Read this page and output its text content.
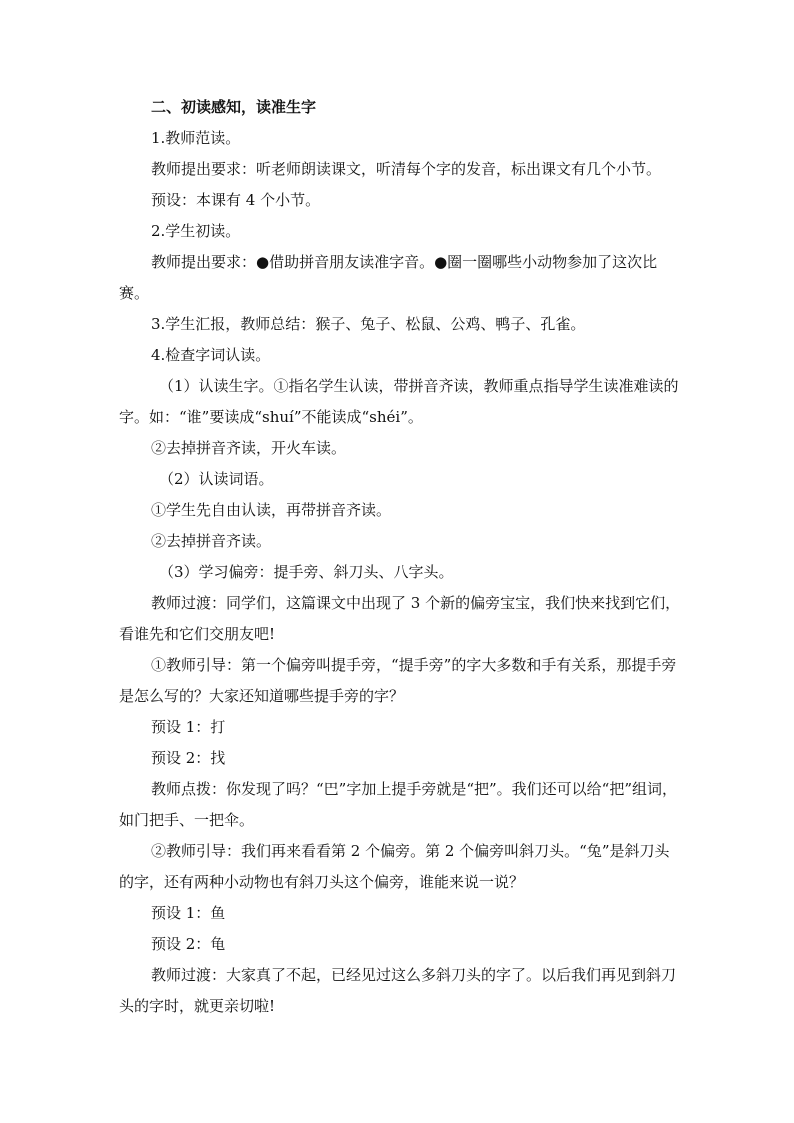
二、初读感知，读准生字

1.教师范读。

教师提出要求：听老师朗读课文，听清每个字的发音，标出课文有几个小节。

预设：本课有 4 个小节。

2.学生初读。

教师提出要求：●借助拼音朋友读准字音。●圈一圈哪些小动物参加了这次比赛。

3.学生汇报，教师总结：猴子、兔子、松鼠、公鸡、鸭子、孔雀。

4.检查字词认读。

（1）认读生字。①指名学生认读，带拼音齐读，教师重点指导学生读准难读的字。如：“谁”要读成“shuí”不能读成“shéi”。

②去掉拼音齐读，开火车读。

（2）认读词语。

①学生先自由认读，再带拼音齐读。

②去掉拼音齐读。

（3）学习偏旁：提手旁、斜刀头、八字头。

教师过渡：同学们，这篇课文中出现了 3 个新的偏旁宝宝，我们快来找到它们，看谁先和它们交朋友吧!

①教师引导：第一个偏旁叫提手旁，“提手旁”的字大多数和手有关系，那提手旁是怎么写的？大家还知道哪些提手旁的字？

预设 1：打

预设 2：找

教师点拨：你发现了吗？“巴”字加上提手旁就是“把”。我们还可以给“把”组词，如门把手、一把伞。

②教师引导：我们再来看看第 2 个偏旁。第 2 个偏旁叫斜刀头。“兔”是斜刀头的字，还有两种小动物也有斜刀头这个偏旁，谁能来说一说？

预设 1：鱼

预设 2：龟

教师过渡：大家真了不起，已经见过这么多斜刀头的字了。以后我们再见到斜刀头的字时，就更亲切啦!
